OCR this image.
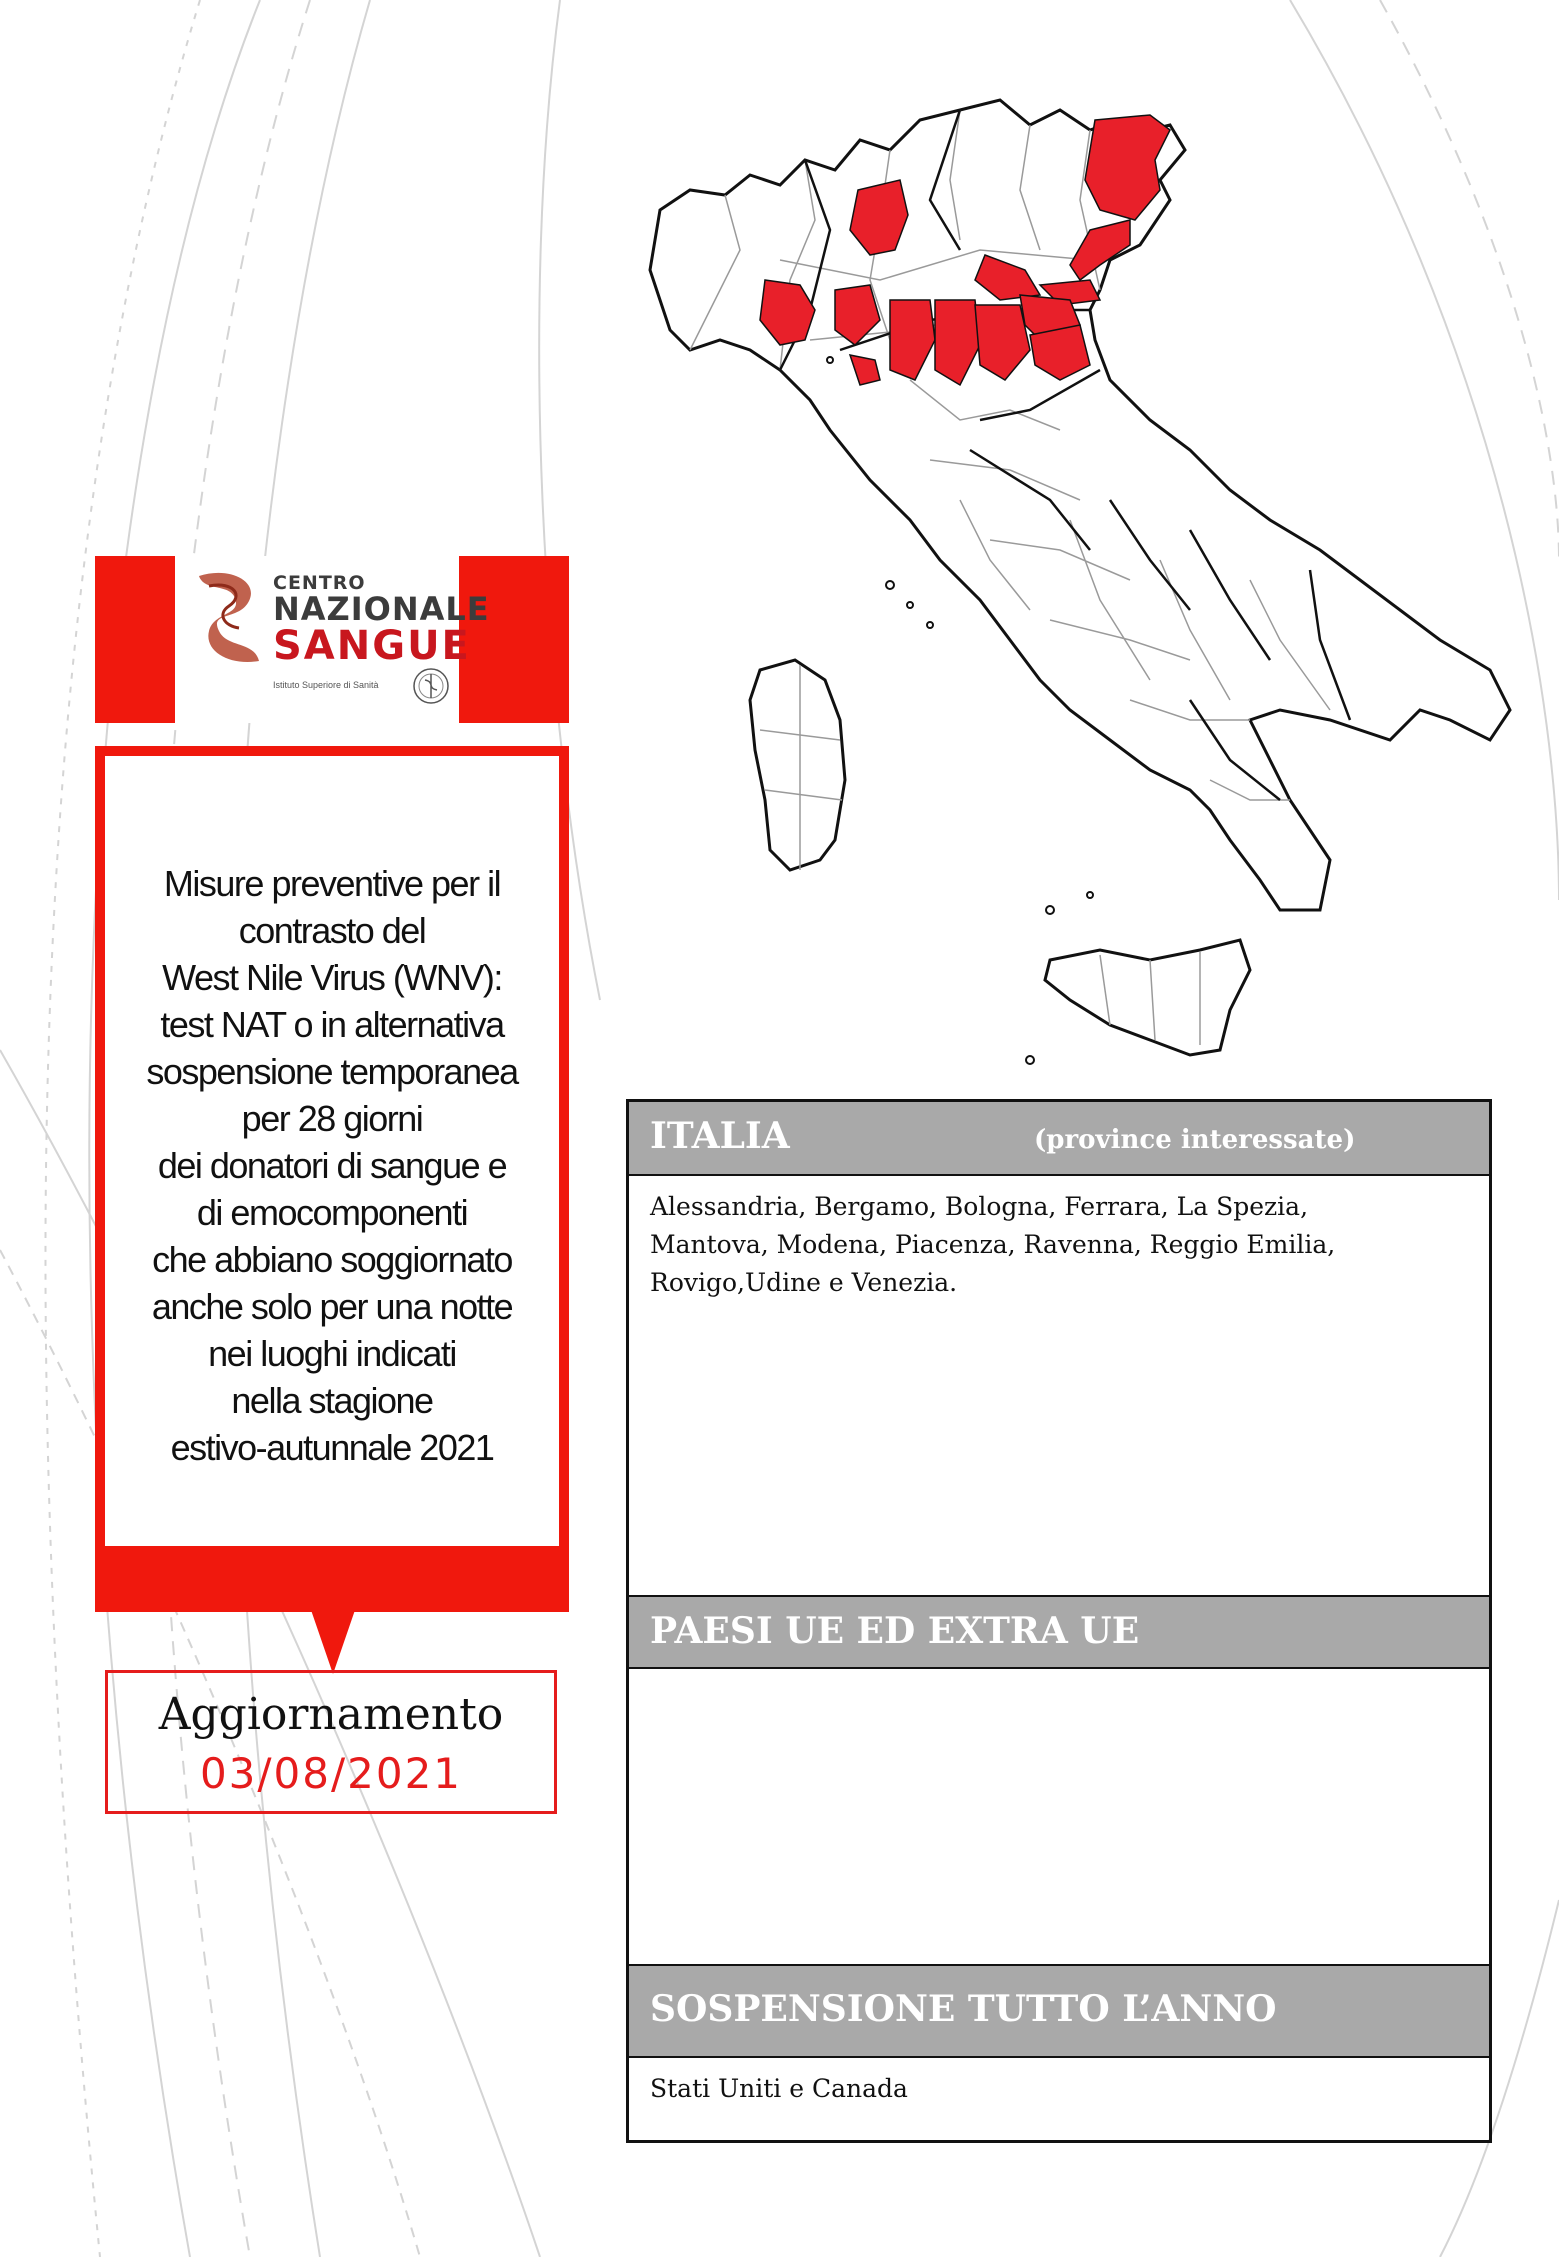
CENTRO
NAZIONALE
SANGUE
Istituto Superiore di Sanità
Misure preventive per il
contrasto del
West Nile Virus (WNV):
test NAT o in alternativa
sospensione temporanea
per 28 giorni
dei donatori di sangue e
di emocomponenti
che abbiano soggiornato
anche solo per una notte
nei luoghi indicati
nella stagione
estivo-autunnale 2021
Aggiornamento
03/08/2021
ITALIA	(province interessate)
Alessandria, Bergamo, Bologna, Ferrara, La Spezia,
Mantova, Modena, Piacenza, Ravenna, Reggio Emilia,
Rovigo,Udine e Venezia.
PAESI UE ED EXTRA UE
SOSPENSIONE TUTTO L’ANNO
Stati Uniti e Canada
